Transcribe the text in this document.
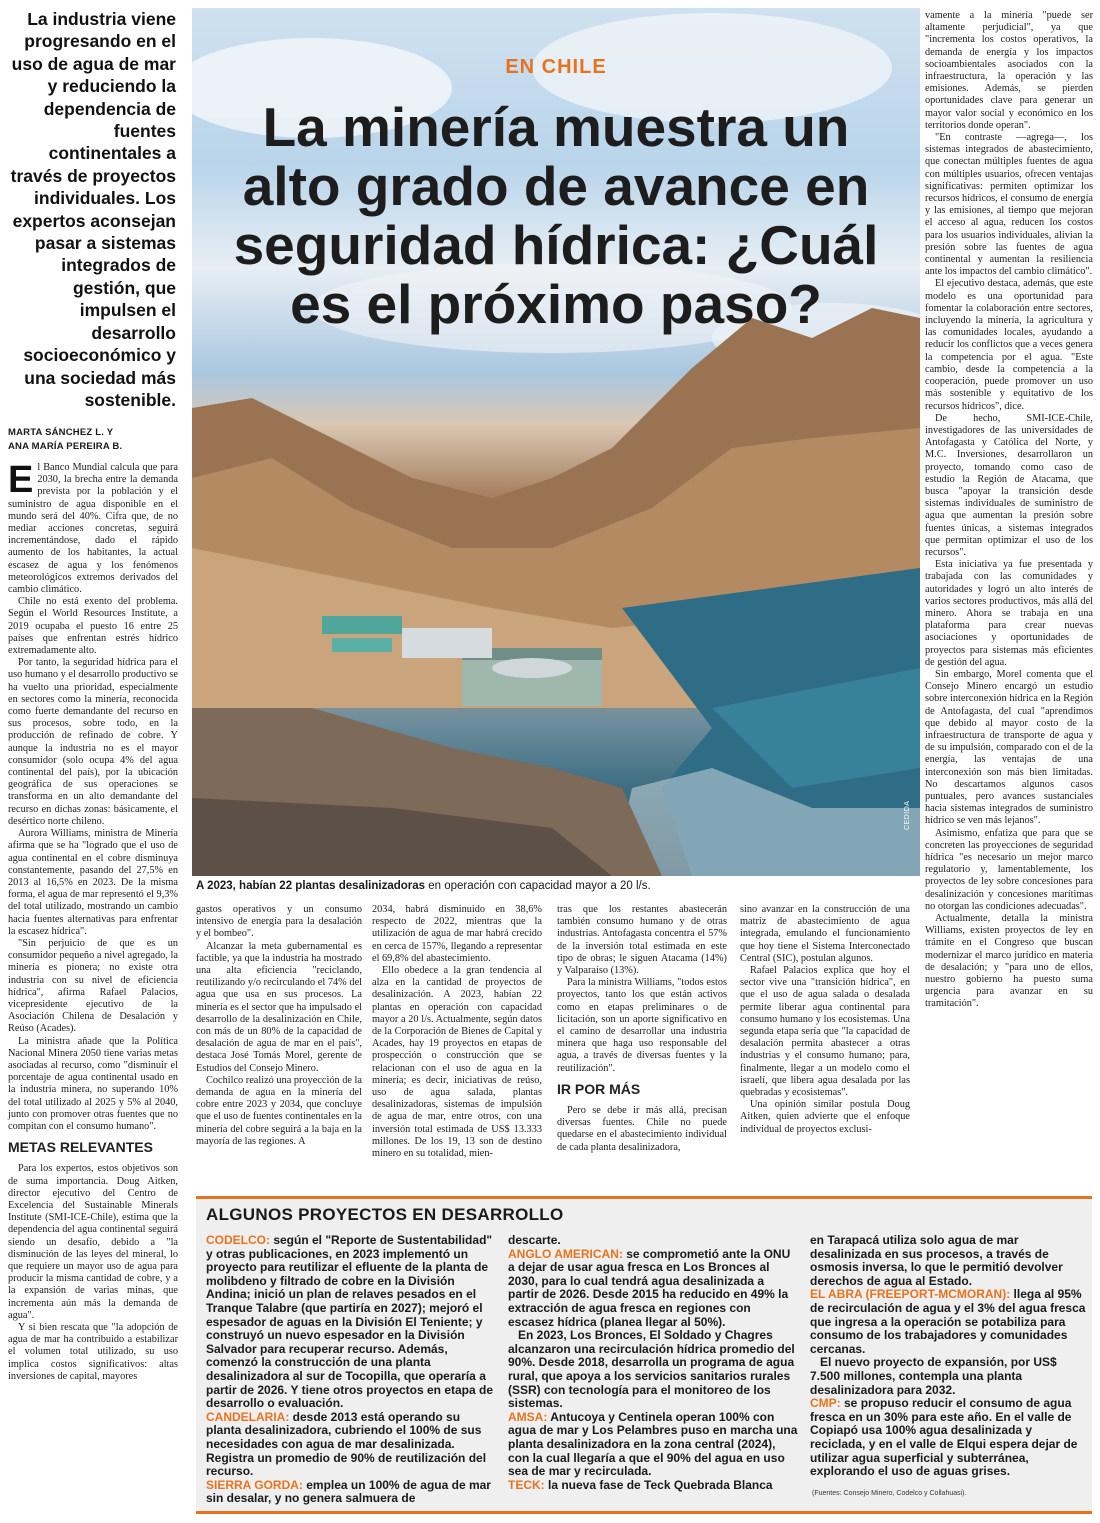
La industria viene progresando en el uso de agua de mar y reduciendo la dependencia de fuentes continentales a través de proyectos individuales. Los expertos aconsejan pasar a sistemas integrados de gestión, que impulsen el desarrollo socioeconómico y una sociedad más sostenible.
MARTA SÁNCHEZ L. Y
ANA MARÍA PEREIRA B.
EN CHILE
La minería muestra un alto grado de avance en seguridad hídrica: ¿Cuál es el próximo paso?
CEDIDA
A 2023, habían 22 plantas desalinizadoras en operación con capacidad mayor a 20 l/s.

El Banco Mundial calcula que para 2030, la brecha entre la demanda prevista por la población y el suministro de agua disponible en el mundo será del 40%. Cifra que, de no mediar acciones concretas, seguirá incrementándose, dado el rápido aumento de los habitantes, la actual escasez de agua y los fenómenos meteorológicos extremos derivados del cambio climático.

Chile no está exento del problema. Según el World Resources Institute, a 2019 ocupaba el puesto 16 entre 25 países que enfrentan estrés hídrico extremadamente alto.

Por tanto, la seguridad hídrica para el uso humano y el desarrollo productivo se ha vuelto una prioridad, especialmente en sectores como la minería, reconocida como fuerte demandante del recurso en sus procesos, sobre todo, en la producción de refinado de cobre. Y aunque la industria no es el mayor consumidor (solo ocupa 4% del agua continental del país), por la ubicación geográfica de sus operaciones se transforma en un alto demandante del recurso en dichas zonas: básicamente, el desértico norte chileno.

Aurora Williams, ministra de Minería afirma que se ha "logrado que el uso de agua continental en el cobre disminuya constantemente, pasando del 27,5% en 2013 al 16,5% en 2023. De la misma forma, el agua de mar representó el 9,3% del total utilizado, mostrando un cambio hacia fuentes alternativas para enfrentar la escasez hídrica".

"Sin perjuicio de que es un consumidor pequeño a nivel agregado, la minería es pionera; no existe otra industria con su nivel de eficiencia hídrica", afirma Rafael Palacios, vicepresidente ejecutivo de la Asociación Chilena de Desalación y Reúso (Acades).

La ministra añade que la Política Nacional Minera 2050 tiene varias metas asociadas al recurso, como "disminuir el porcentaje de agua continental usado en la industria minera, no superando 10% del total utilizado al 2025 y 5% al 2040, junto con promover otras fuentes que no compitan con el consumo humano".

METAS RELEVANTES

Para los expertos, estos objetivos son de suma importancia. Doug Aitken, director ejecutivo del Centro de Excelencia del Sustainable Minerals Institute (SMI-ICE-Chile), estima que la dependencia del agua continental seguirá siendo un desafío, debido a "la disminución de las leyes del mineral, lo que requiere un mayor uso de agua para producir la misma cantidad de cobre, y a la expansión de varias minas, que incrementa aún más la demanda de agua".

Y si bien rescata que "la adopción de agua de mar ha contribuido a estabilizar el volumen total utilizado, su uso implica costos significativos: altas inversiones de capital, mayores

gastos operativos y un consumo intensivo de energía para la desalación y el bombeo".

Alcanzar la meta gubernamental es factible, ya que la industria ha mostrado una alta eficiencia "reciclando, reutilizando y/o recirculando el 74% del agua que usa en sus procesos. La minería es el sector que ha impulsado el desarrollo de la desalinización en Chile, con más de un 80% de la capacidad de desalación de agua de mar en el país", destaca José Tomás Morel, gerente de Estudios del Consejo Minero.

Cochilco realizó una proyección de la demanda de agua en la minería del cobre entre 2023 y 2034, que concluye que el uso de fuentes continentales en la minería del cobre seguirá a la baja en la mayoría de las regiones. A

2034, habrá disminuido en 38,6% respecto de 2022, mientras que la utilización de agua de mar habrá crecido en cerca de 157%, llegando a representar el 69,8% del abastecimiento.

Ello obedece a la gran tendencia al alza en la cantidad de proyectos de desalinización. A 2023, habían 22 plantas en operación con capacidad mayor a 20 l/s. Actualmente, según datos de la Corporación de Bienes de Capital y Acades, hay 19 proyectos en etapas de prospección o construcción que se relacionan con el uso de agua en la minería; es decir, iniciativas de reúso, uso de agua salada, plantas desalinizadoras, sistemas de impulsión de agua de mar, entre otros, con una inversión total estimada de US$ 13.333 millones. De los 19, 13 son de destino minero en su totalidad, mien-

tras que los restantes abastecerán también consumo humano y de otras industrias. Antofagasta concentra el 57% de la inversión total estimada en este tipo de obras; le siguen Atacama (14%) y Valparaíso (13%).

Para la ministra Williams, "todos estos proyectos, tanto los que están activos como en etapas preliminares o de licitación, son un aporte significativo en el camino de desarrollar una industria minera que haga uso responsable del agua, a través de diversas fuentes y la reutilización".

IR POR MÁS

Pero se debe ir más allá, precisan diversas fuentes. Chile no puede quedarse en el abastecimiento individual de cada planta desalinizadora,

sino avanzar en la construcción de una matriz de abastecimiento de agua integrada, emulando el funcionamiento que hoy tiene el Sistema Interconectado Central (SIC), postulan algunos.

Rafael Palacios explica que hoy el sector vive una "transición hídrica", en que el uso de agua salada o desalada permite liberar agua continental para consumo humano y los ecosistemas. Una segunda etapa sería que "la capacidad de desalación permita abastecer a otras industrias y el consumo humano; para, finalmente, llegar a un modelo como el israelí, que libera agua desalada por las quebradas y ecosistemas".

Una opinión similar postula Doug Aitken, quien advierte que el enfoque individual de proyectos exclusi-

vamente a la minería "puede ser altamente perjudicial", ya que "incrementa los costos operativos, la demanda de energía y los impactos socioambientales asociados con la infraestructura, la operación y las emisiones. Además, se pierden oportunidades clave para generar un mayor valor social y económico en los territorios donde operan".

"En contraste —agrega—, los sistemas integrados de abastecimiento, que conectan múltiples fuentes de agua con múltiples usuarios, ofrecen ventajas significativas: permiten optimizar los recursos hídricos, el consumo de energía y las emisiones, al tiempo que mejoran el acceso al agua, reducen los costos para los usuarios individuales, alivian la presión sobre las fuentes de agua continental y aumentan la resiliencia ante los impactos del cambio climático".

El ejecutivo destaca, además, que este modelo es una oportunidad para fomentar la colaboración entre sectores, incluyendo la minería, la agricultura y las comunidades locales, ayudando a reducir los conflictos que a veces genera la competencia por el agua. "Este cambio, desde la competencia a la cooperación, puede promover un uso más sostenible y equitativo de los recursos hídricos", dice.

De hecho, SMI-ICE-Chile, investigadores de las universidades de Antofagasta y Católica del Norte, y M.C. Inversiones, desarrollaron un proyecto, tomando como caso de estudio la Región de Atacama, que busca "apoyar la transición desde sistemas individuales de suministro de agua que aumentan la presión sobre fuentes únicas, a sistemas integrados que permitan optimizar el uso de los recursos".

Esta iniciativa ya fue presentada y trabajada con las comunidades y autoridades y logró un alto interés de varios sectores productivos, más allá del minero. Ahora se trabaja en una plataforma para crear nuevas asociaciones y oportunidades de proyectos para sistemas más eficientes de gestión del agua.

Sin embargo, Morel comenta que el Consejo Minero encargó un estudio sobre interconexión hídrica en la Región de Antofagasta, del cual "aprendimos que debido al mayor costo de la infraestructura de transporte de agua y de su impulsión, comparado con el de la energía, las ventajas de una interconexión son más bien limitadas. No descartamos algunos casos puntuales, pero avances sustanciales hacia sistemas integrados de suministro hídrico se ven más lejanos".

Asimismo, enfatiza que para que se concreten las proyecciones de seguridad hídrica "es necesario un mejor marco regulatorio y, lamentablemente, los proyectos de ley sobre concesiones para desalinización y concesiones marítimas no otorgan las condiciones adecuadas".

Actualmente, detalla la ministra Williams, existen proyectos de ley en trámite en el Congreso que buscan modernizar el marco jurídico en materia de desalación; y "para uno de ellos, nuestro gobierno ha puesto suma urgencia para avanzar en su tramitación".

ALGUNOS PROYECTOS EN DESARROLLO

CODELCO: según el "Reporte de Sustentabilidad" y otras publicaciones, en 2023 implementó un proyecto para reutilizar el efluente de la planta de molibdeno y filtrado de cobre en la División Andina; inició un plan de relaves pesados en el Tranque Talabre (que partiría en 2027); mejoró el espesador de aguas en la División El Teniente; y construyó un nuevo espesador en la División Salvador para recuperar recurso. Además, comenzó la construcción de una planta desalinizadora al sur de Tocopilla, que operaría a partir de 2026. Y tiene otros proyectos en etapa de desarrollo o evaluación.

CANDELARIA: desde 2013 está operando su planta desalinizadora, cubriendo el 100% de sus necesidades con agua de mar desalinizada. Registra un promedio de 90% de reutilización del recurso.

SIERRA GORDA: emplea un 100% de agua de mar sin desalar, y no genera salmuera de

descarte.

ANGLO AMERICAN: se comprometió ante la ONU a dejar de usar agua fresca en Los Bronces al 2030, para lo cual tendrá agua desalinizada a partir de 2026. Desde 2015 ha reducido en 49% la extracción de agua fresca en regiones con escasez hídrica (planea llegar al 50%).

En 2023, Los Bronces, El Soldado y Chagres alcanzaron una recirculación hídrica promedio del 90%. Desde 2018, desarrolla un programa de agua rural, que apoya a los servicios sanitarios rurales (SSR) con tecnología para el monitoreo de los sistemas.

AMSA: Antucoya y Centinela operan 100% con agua de mar y Los Pelambres puso en marcha una planta desalinizadora en la zona central (2024), con la cual llegaría a que el 90% del agua en uso sea de mar y recirculada.

TECK: la nueva fase de Teck Quebrada Blanca

en Tarapacá utiliza solo agua de mar desalinizada en sus procesos, a través de osmosis inversa, lo que le permitió devolver derechos de agua al Estado.

EL ABRA (FREEPORT-MCMORAN): llega al 95% de recirculación de agua y el 3% del agua fresca que ingresa a la operación se potabiliza para consumo de los trabajadores y comunidades cercanas.

El nuevo proyecto de expansión, por US$ 7.500 millones, contempla una planta desalinizadora para 2032.

CMP: se propuso reducir el consumo de agua fresca en un 30% para este año. En el valle de Copiapó usa 100% agua desalinizada y reciclada, y en el valle de Elqui espera dejar de utilizar agua superficial y subterránea, explorando el uso de aguas grises.

(Fuentes: Consejo Minero, Codelco y Collahuasi).
